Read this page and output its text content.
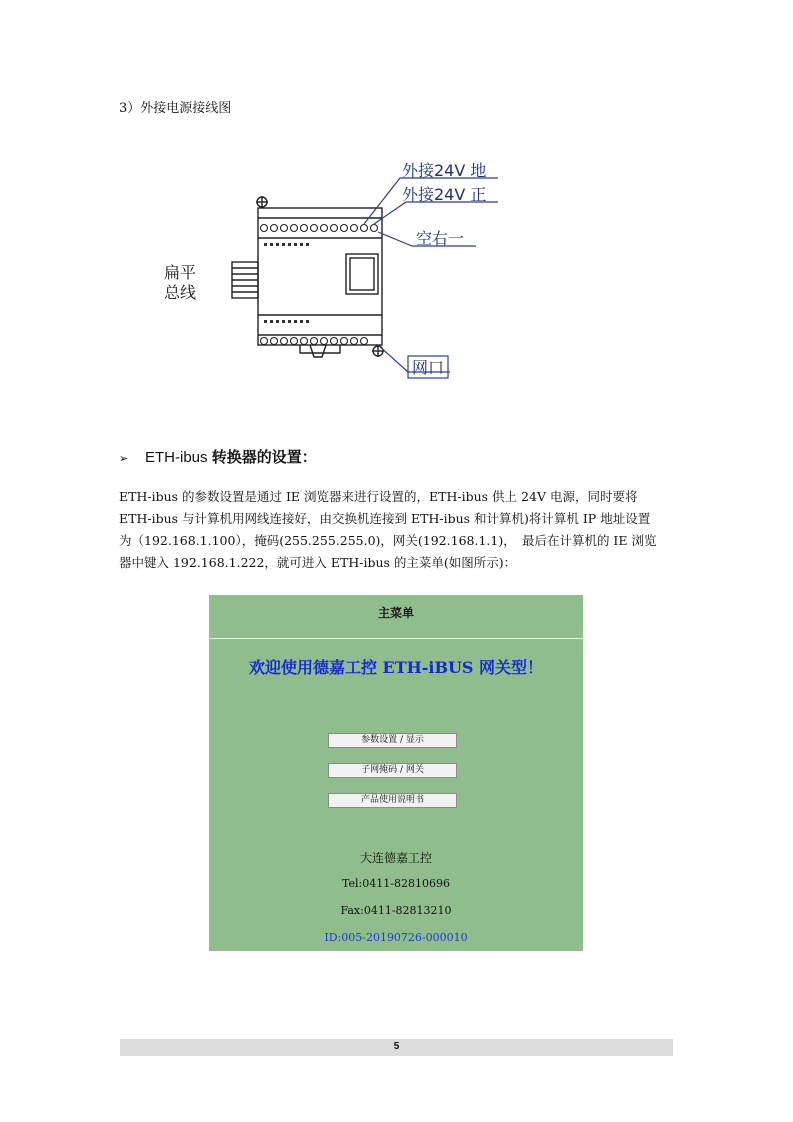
3）外接电源接线图
外接24V 地
外接24V 正
空右一
扁平
总线
网口
➢ ETH-ibus 转换器的设置：
ETH-ibus 的参数设置是通过 IE 浏览器来进行设置的，ETH-ibus 供上 24V 电源，同时要将
ETH-ibus 与计算机用网线连接好，由交换机连接到 ETH-ibus 和计算机)将计算机 IP 地址设置
为（192.168.1.100），掩码(255.255.255.0)，网关(192.168.1.1)，　最后在计算机的 IE 浏览
器中键入 192.168.1.222，就可进入 ETH-ibus 的主菜单(如图所示)：
主菜单
欢迎使用德嘉工控 ETH-iBUS 网关型！
参数设置 / 显示
子网掩码 / 网关
产品使用说明书
大连德嘉工控
Tel:0411-82810696
Fax:0411-82813210
ID:005-20190726-000010
5
